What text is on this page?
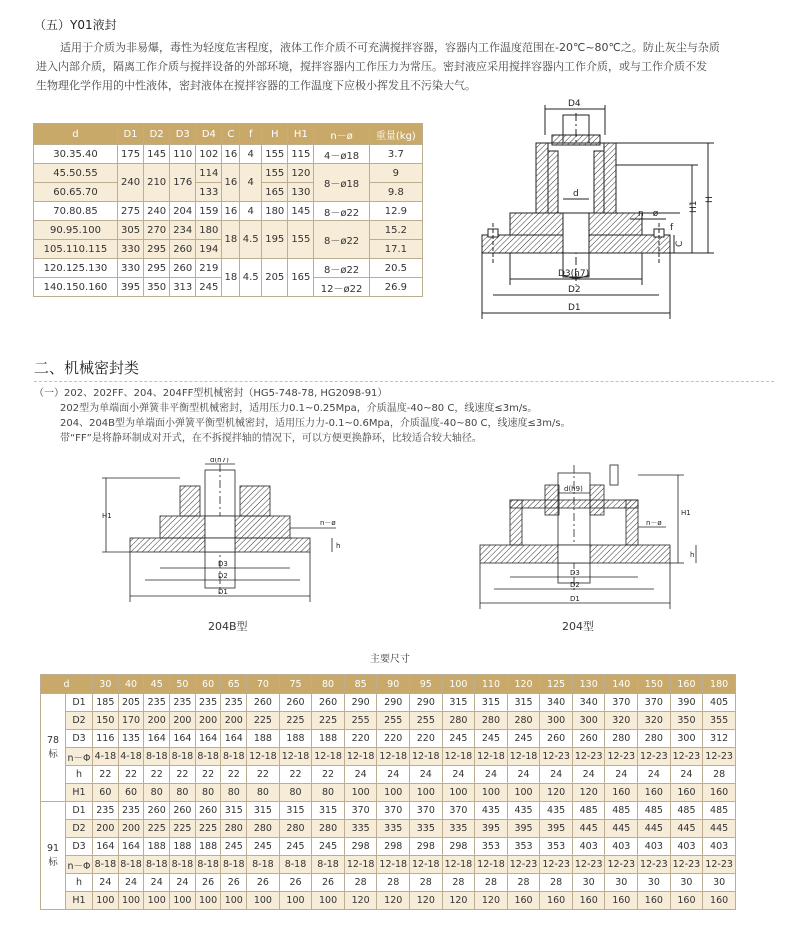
（五）Y01液封
适用于介质为非易爆，毒性为轻度危害程度，液体工作介质不可充满搅拌容器，容器内工作温度范围在-20℃~80℃之。防止灰尘与杂质
进入内部介质，隔离工作介质与搅拌设备的外部环境，搅拌容器内工作压力为常压。密封液应采用搅拌容器内工作介质，或与工作介质不发
生物理化学作用的中性液体，密封液体在搅拌容器的工作温度下应极小挥发且不污染大气。
d	D1	D2	D3	D4	C	f	H	H1	n－ø	重量(kg)
30.35.40	175	145	110	102	16	4	155	115	4－ø18	3.7
45.50.55	240	210	176	114	16	4	155	120	8－ø18	9
60.65.70				133			165	130		9.8
70.80.85	275	240	204	159	16	4	180	145	8－ø22	12.9
90.95.100	305	270	234	180	18	4.5	195	155	8－ø22	15.2
105.110.115	330	295	260	194						17.1
120.125.130	330	295	260	219	18	4.5	205	165	8－ø22	20.5
140.150.160	395	350	313	245					12－ø22	26.9
D4
d
H1
H
C
f
n－ø
D3(h7)
D2
D1
二、机械密封类
（一）202、202FF、204、204FF型机械密封（HG5-748-78, HG2098-91）
202型为单端面小弹簧非平衡型机械密封，适用压力0.1~0.25Mpa，介质温度-40~80 C，线速度≤3m/s。
204、204B型为单端面小弹簧平衡型机械密封，适用压力力-0.1~0.6Mpa，介质温度-40~80 C，线速度≤3m/s。
带“FF”是将静环制成对开式，在不拆搅拌轴的情况下，可以方便更换静环，比较适合较大轴径。
d(h7)
H1
n－ø
h
D3
D2
D1
204B型
d(h9)
H1
n－ø
h
D3
D2
D1
204型
主要尺寸
d		30	40	45	50	60	65	70	75	80	85	90	95	100	110	120	125	130	140	150	160	180

78
标	D1	185	205	235	235	235	235	260	260	260	290	290	290	315	315	315	340	340	370	370	390	405
	D2	150	170	200	200	200	200	225	225	225	255	255	255	280	280	280	300	300	320	320	350	355
	D3	116	135	164	164	164	164	188	188	188	220	220	220	245	245	245	260	260	280	280	300	312
	n－Φ	4-18	4-18	8-18	8-18	8-18	8-18	12-18	12-18	12-18	12-18	12-18	12-18	12-18	12-18	12-18	12-23	12-23	12-23	12-23	12-23	12-23
	h	22	22	22	22	22	22	22	22	22	24	24	24	24	24	24	24	24	24	24	24	28
	H1	60	60	80	80	80	80	80	80	80	100	100	100	100	100	100	120	120	160	160	160	160

91
标	D1	235	235	260	260	260	315	315	315	315	370	370	370	370	435	435	435	485	485	485	485	485
	D2	200	200	225	225	225	280	280	280	280	335	335	335	335	395	395	395	445	445	445	445	445
	D3	164	164	188	188	188	245	245	245	245	298	298	298	298	353	353	353	403	403	403	403	403
	n－Φ	8-18	8-18	8-18	8-18	8-18	8-18	8-18	8-18	8-18	12-18	12-18	12-18	12-18	12-18	12-23	12-23	12-23	12-23	12-23	12-23	12-23
	h	24	24	24	24	26	26	26	26	26	28	28	28	28	28	28	28	30	30	30	30	30
	H1	100	100	100	100	100	100	100	100	100	120	120	120	120	120	160	160	160	160	160	160	160
